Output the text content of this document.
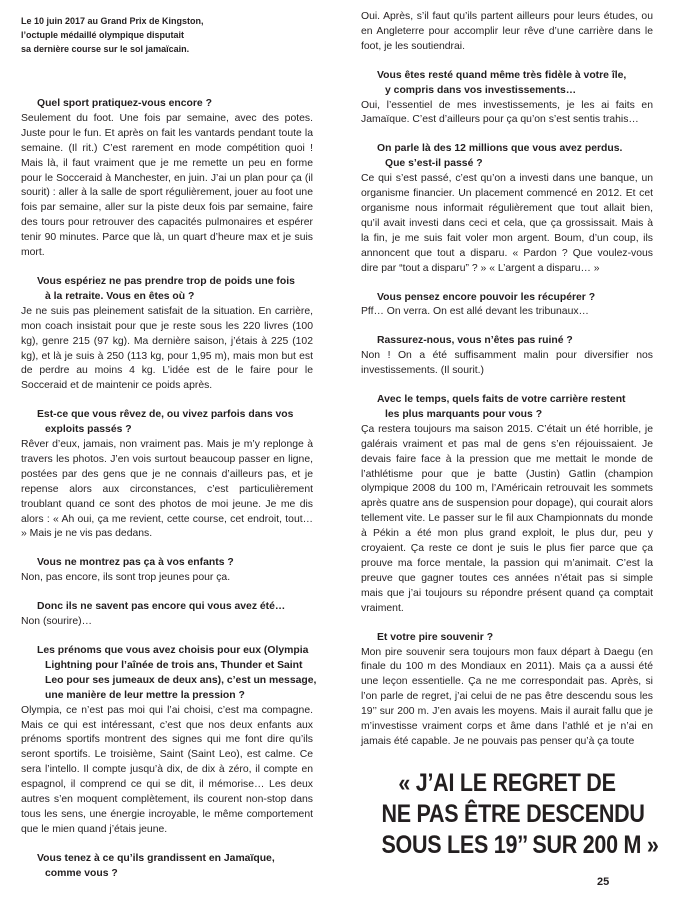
Le 10 juin 2017 au Grand Prix de Kingston,
l’octuple médaillé olympique disputait
sa dernière course sur le sol jamaïcain.

Quel sport pratiquez-vous encore ?

Seulement du foot. Une fois par semaine, avec des potes. Juste pour le fun. Et après on fait les vantards pendant toute la semaine. (Il rit.) C’est rarement en mode compétition quoi ! Mais là, il faut vraiment que je me remette un peu en forme pour le Socceraid à Manchester, en juin. J’ai un plan pour ça (il sourit) : aller à la salle de sport régulièrement, jouer au foot une fois par semaine, aller sur la piste deux fois par semaine, faire des tours pour retrouver des capacités pulmonaires et espérer tenir 90 minutes. Parce que là, un quart d’heure max et je suis mort.

Vous espériez ne pas prendre trop de poids une fois
à la retraite. Vous en êtes où ?

Je ne suis pas pleinement satisfait de la situation. En carrière, mon coach insistait pour que je reste sous les 220 livres (100 kg), genre 215 (97 kg). Ma dernière saison, j’étais à 225 (102 kg), et là je suis à 250 (113 kg, pour 1,95 m), mais mon but est de perdre au moins 4 kg. L’idée est de le faire pour le Socceraid et de maintenir ce poids après.

Est-ce que vous rêvez de, ou vivez parfois dans vos
exploits passés ?

Rêver d’eux, jamais, non vraiment pas. Mais je m’y replonge à travers les photos. J’en vois surtout beaucoup passer en ligne, postées par des gens que je ne connais d’ailleurs pas, et je repense alors aux circonstances, c’est particulièrement troublant quand ce sont des photos de moi jeune. Je me dis alors : « Ah oui, ça me revient, cette course, cet endroit, tout… » Mais je ne vis pas dedans.

Vous ne montrez pas ça à vos enfants ?

Non, pas encore, ils sont trop jeunes pour ça.

Donc ils ne savent pas encore qui vous avez été…

Non (sourire)…

Les prénoms que vous avez choisis pour eux (Olympia
Lightning pour l’aînée de trois ans, Thunder et Saint
Leo pour ses jumeaux de deux ans), c’est un message,
une manière de leur mettre la pression ?

Olympia, ce n’est pas moi qui l’ai choisi, c’est ma compagne. Mais ce qui est intéressant, c’est que nos deux enfants aux prénoms sportifs montrent des signes qui me font dire qu’ils seront sportifs. Le troisième, Saint (Saint Leo), est calme. Ce sera l’intello. Il compte jusqu’à dix, de dix à zéro, il compte en espagnol, il comprend ce qui se dit, il mémorise… Les deux autres s’en moquent complètement, ils courent non-stop dans tous les sens, une énergie incroyable, le même comportement que le mien quand j’étais jeune.

Vous tenez à ce qu’ils grandissent en Jamaïque,
comme vous ?

Oui. Après, s’il faut qu’ils partent ailleurs pour leurs études, ou en Angleterre pour accomplir leur rêve d’une carrière dans le foot, je les soutiendrai.

Vous êtes resté quand même très fidèle à votre île,
y compris dans vos investissements…

Oui, l’essentiel de mes investissements, je les ai faits en Jamaïque. C’est d’ailleurs pour ça qu’on s’est sentis trahis…

On parle là des 12 millions que vous avez perdus.
Que s’est-il passé ?

Ce qui s’est passé, c’est qu’on a investi dans une banque, un organisme financier. Un placement commencé en 2012. Et cet organisme nous informait régulièrement que tout allait bien, qu’il avait investi dans ceci et cela, que ça grossissait. Mais à la fin, je me suis fait voler mon argent. Boum, d’un coup, ils annoncent que tout a disparu. « Pardon ? Que voulez-vous dire par “tout a disparu” ? » « L’argent a disparu… »

Vous pensez encore pouvoir les récupérer ?

Pff… On verra. On est allé devant les tribunaux…

Rassurez-nous, vous n’êtes pas ruiné ?

Non ! On a été suffisamment malin pour diversifier nos investissements. (Il sourit.)

Avec le temps, quels faits de votre carrière restent
les plus marquants pour vous ?

Ça restera toujours ma saison 2015. C’était un été horrible, je galérais vraiment et pas mal de gens s’en réjouissaient. Je devais faire face à la pression que me mettait le monde de l’athlétisme pour que je batte (Justin) Gatlin (champion olympique 2008 du 100 m, l’Américain retrouvait les sommets après quatre ans de suspension pour dopage), qui courait alors tellement vite. Le passer sur le fil aux Championnats du monde à Pékin a été mon plus grand exploit, le plus dur, peu y croyaient. Ça reste ce dont je suis le plus fier parce que ça prouve ma force mentale, la passion qui m’animait. C’est la preuve que gagner toutes ces années n’était pas si simple mais que j’ai toujours su répondre présent quand ça comptait vraiment.

Et votre pire souvenir ?

Mon pire souvenir sera toujours mon faux départ à Daegu (en finale du 100 m des Mondiaux en 2011). Mais ça a aussi été une leçon essentielle. Ça ne me correspondait pas. Après, si l’on parle de regret, j’ai celui de ne pas être descendu sous les 19’’ sur 200 m. J’en avais les moyens. Mais il aurait fallu que je m’investisse vraiment corps et âme dans l’athlé et je n’ai en jamais été capable. Je ne pouvais pas penser qu’à ça toute

« J’AI LE REGRET DE
NE PAS ÊTRE DESCENDU
SOUS LES 19’’ SUR 200 M »
25
